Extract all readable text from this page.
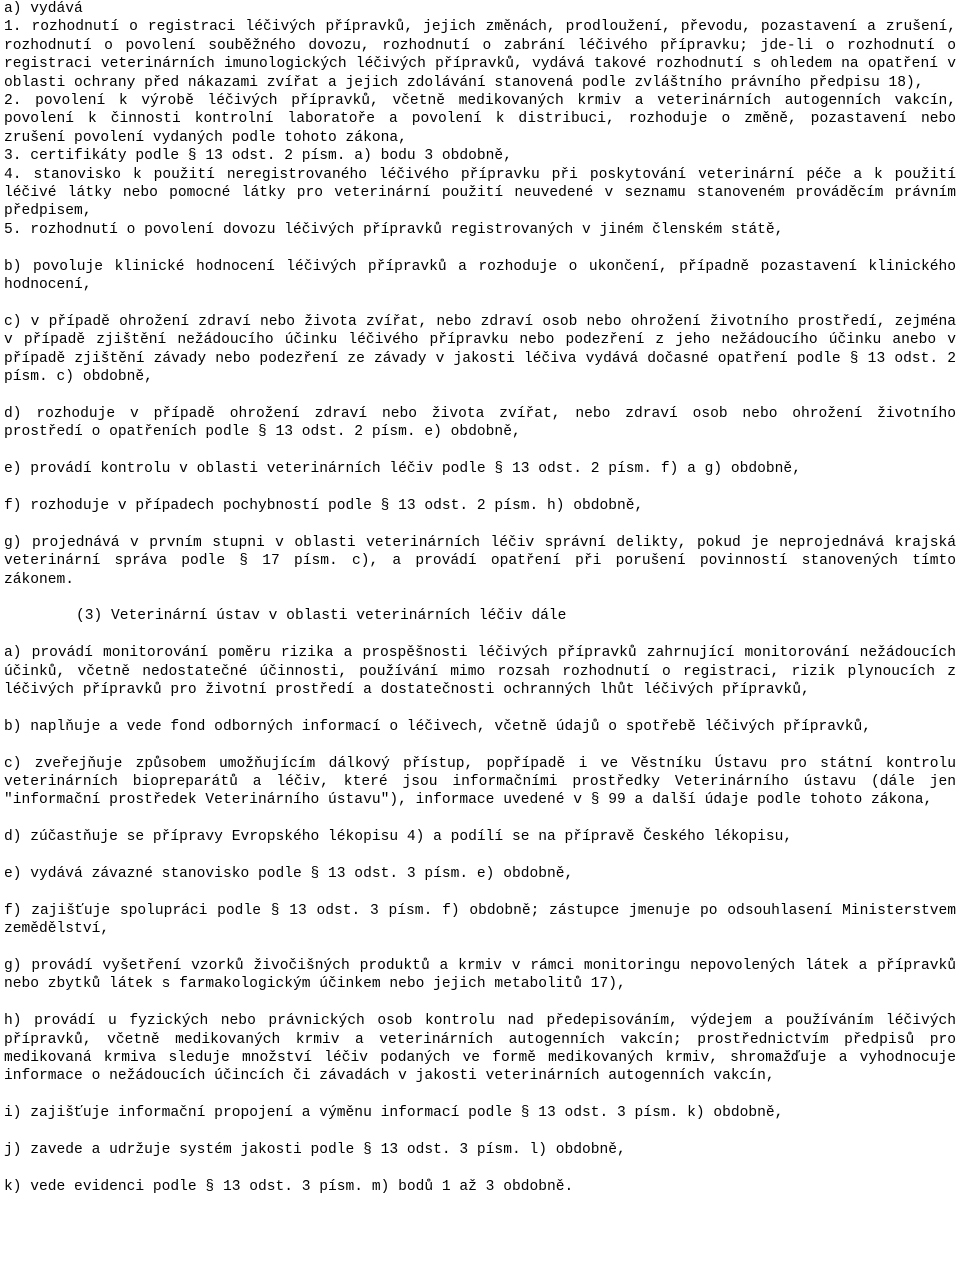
a) vydává

1. rozhodnutí o registraci léčivých přípravků, jejich změnách, prodloužení, převodu, pozastavení a zrušení, rozhodnutí o povolení souběžného dovozu, rozhodnutí o zabrání léčivého přípravku; jde-li o rozhodnutí o registraci veterinárních imunologických léčivých přípravků, vydává takové rozhodnutí s ohledem na opatření v oblasti ochrany před nákazami zvířat a jejich zdolávání stanovená podle zvláštního právního předpisu 18),

2. povolení k výrobě léčivých přípravků, včetně medikovaných krmiv a veterinárních autogenních vakcín, povolení k činnosti kontrolní laboratoře a povolení k distribuci, rozhoduje o změně, pozastavení nebo zrušení povolení vydaných podle tohoto zákona,

3. certifikáty podle § 13 odst. 2 písm. a) bodu 3 obdobně,

4. stanovisko k použití neregistrovaného léčivého přípravku při poskytování veterinární péče a k použití léčivé látky nebo pomocné látky pro veterinární použití neuvedené v seznamu stanoveném prováděcím právním předpisem,

5. rozhodnutí o povolení dovozu léčivých přípravků registrovaných v jiném členském státě,

b) povoluje klinické hodnocení léčivých přípravků a rozhoduje o ukončení, případně pozastavení klinického hodnocení,

c) v případě ohrožení zdraví nebo života zvířat, nebo zdraví osob nebo ohrožení životního prostředí, zejména v případě zjištění nežádoucího účinku léčivého přípravku nebo podezření z jeho nežádoucího účinku anebo v případě zjištění závady nebo podezření ze závady v jakosti léčiva vydává dočasné opatření podle § 13 odst. 2 písm. c) obdobně,

d) rozhoduje v případě ohrožení zdraví nebo života zvířat, nebo zdraví osob nebo ohrožení životního prostředí o opatřeních podle § 13 odst. 2 písm. e) obdobně,

e) provádí kontrolu v oblasti veterinárních léčiv podle § 13 odst. 2 písm. f) a g) obdobně,

f) rozhoduje v případech pochybností podle § 13 odst. 2 písm. h) obdobně,

g) projednává v prvním stupni v oblasti veterinárních léčiv správní delikty, pokud je neprojednává krajská veterinární správa podle § 17 písm. c), a provádí opatření při porušení povinností stanovených tímto zákonem.

(3) Veterinární ústav v oblasti veterinárních léčiv dále

a) provádí monitorování poměru rizika a prospěšnosti léčivých přípravků zahrnující monitorování nežádoucích účinků, včetně nedostatečné účinnosti, používání mimo rozsah rozhodnutí o registraci, rizik plynoucích z léčivých přípravků pro životní prostředí a dostatečnosti ochranných lhůt léčivých přípravků,

b) naplňuje a vede fond odborných informací o léčivech, včetně údajů o spotřebě léčivých přípravků,

c) zveřejňuje způsobem umožňujícím dálkový přístup, popřípadě i ve Věstníku Ústavu pro státní kontrolu veterinárních biopreparátů a léčiv, které jsou informačními prostředky Veterinárního ústavu (dále jen "informační prostředek Veterinárního ústavu"), informace uvedené v § 99 a další údaje podle tohoto zákona,

d) zúčastňuje se přípravy Evropského lékopisu 4) a podílí se na přípravě Českého lékopisu,

e) vydává závazné stanovisko podle § 13 odst. 3 písm. e) obdobně,

f) zajišťuje spolupráci podle § 13 odst. 3 písm. f) obdobně; zástupce jmenuje po odsouhlasení Ministerstvem zemědělství,

g) provádí vyšetření vzorků živočišných produktů a krmiv v rámci monitoringu nepovolených látek a přípravků nebo zbytků látek s farmakologickým účinkem nebo jejich metabolitů 17),

h) provádí u fyzických nebo právnických osob kontrolu nad předepisováním, výdejem a používáním léčivých přípravků, včetně medikovaných krmiv a veterinárních autogenních vakcín; prostřednictvím předpisů pro medikovaná krmiva sleduje množství léčiv podaných ve formě medikovaných krmiv, shromažďuje a vyhodnocuje informace o nežádoucích účincích či závadách v jakosti veterinárních autogenních vakcín,

i) zajišťuje informační propojení a výměnu informací podle § 13 odst. 3 písm. k) obdobně,

j) zavede a udržuje systém jakosti podle § 13 odst. 3 písm. l) obdobně,

k) vede evidenci podle § 13 odst. 3 písm. m) bodů 1 až 3 obdobně.
